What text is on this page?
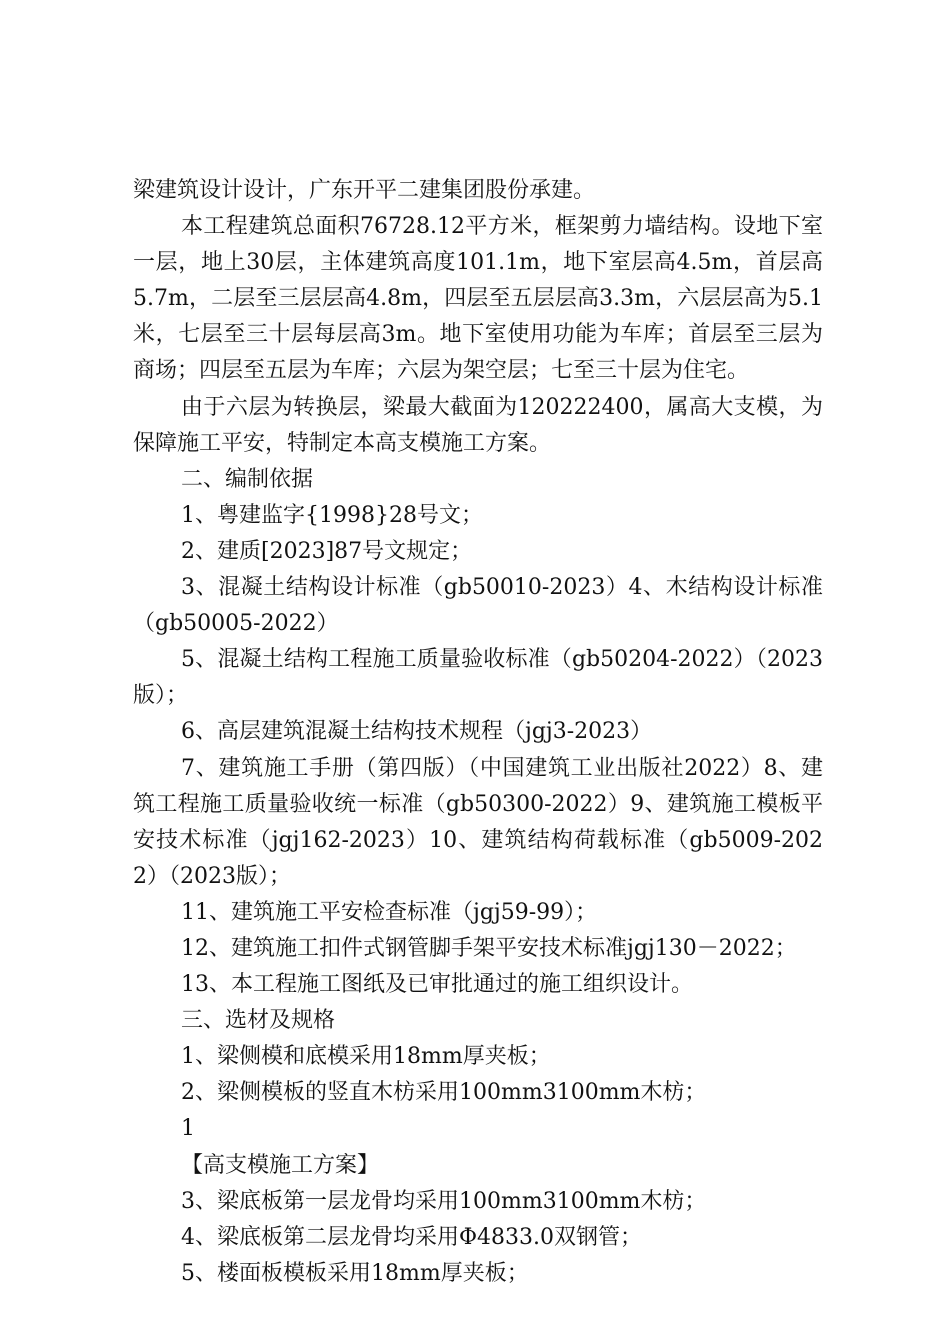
梁建筑设计设计，广东开平二建集团股份承建。

本工程建筑总面积76728.12平方米，框架剪力墙结构。设地下室一层，地上30层，主体建筑高度101.1m，地下室层高4.5m，首层高5.7m，二层至三层层高4.8m，四层至五层层高3.3m，六层层高为5.1米，七层至三十层每层高3m。地下室使用功能为车库；首层至三层为商场；四层至五层为车库；六层为架空层；七至三十层为住宅。

由于六层为转换层，梁最大截面为120222400，属高大支模，为保障施工平安，特制定本高支模施工方案。

二、编制依据

1、粤建监字{1998}28号文；

2、建质[2023]87号文规定；

3、混凝土结构设计标准（gb50010-2023）4、木结构设计标准（gb50005-2022）

5、混凝土结构工程施工质量验收标准（gb50204-2022）（2023版）；

6、高层建筑混凝土结构技术规程（jgj3-2023）

7、建筑施工手册（第四版）（中国建筑工业出版社2022）8、建筑工程施工质量验收统一标准（gb50300-2022）9、建筑施工模板平安技术标准（jgj162-2023）10、建筑结构荷载标准（gb5009-2022）（2023版）；

11、建筑施工平安检查标准（jgj59-99）；

12、建筑施工扣件式钢管脚手架平安技术标准jgj130－2022；

13、本工程施工图纸及已审批通过的施工组织设计。

三、选材及规格

1、梁侧模和底模采用18mm厚夹板；

2、梁侧模板的竖直木枋采用100mm3100mm木枋；

1

【高支模施工方案】

3、梁底板第一层龙骨均采用100mm3100mm木枋；

4、梁底板第二层龙骨均采用Φ4833.0双钢管；

5、楼面板模板采用18mm厚夹板；
